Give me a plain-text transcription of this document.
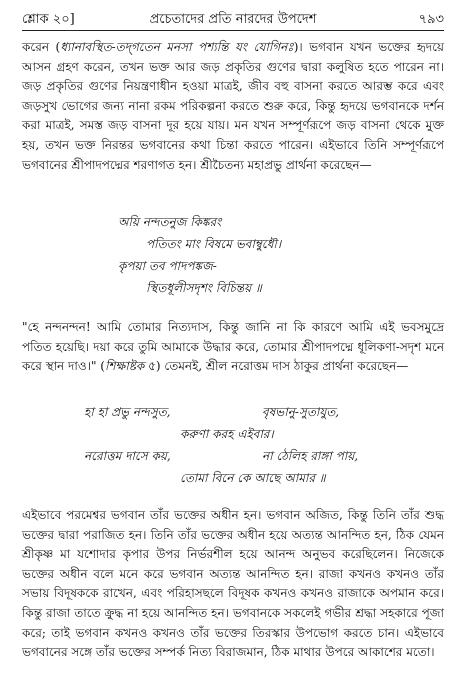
শ্লোক ২০]	প্রচেতাদের প্রতি নারদের উপদেশ	৭৯৩

করেন (ধ্যানাবস্থিত-তদ্‌গতেন মনসা পশ্যন্তি যং যোগিনঃ)। ভগবান যখন ভক্তের হৃদয়ে আসন গ্রহণ করেন, তখন ভক্ত আর জড় প্রকৃতির গুণের দ্বারা কলুষিত হতে পারেন না। জড় প্রকৃতির গুণের নিয়ন্ত্রণাধীন হওয়া মাত্রই, জীব বহু বাসনা করতে আরম্ভ করে এবং জড়সুখ ভোগের জন্য নানা রকম পরিকল্পনা করতে শুরু করে, কিন্তু হৃদয়ে ভগবানকে দর্শন করা মাত্রই, সমস্ত জড় বাসনা দূর হয়ে যায়। মন যখন সম্পূর্ণরূপে জড় বাসনা থেকে মুক্ত হয়, তখন ভক্ত নিরন্তর ভগবানের কথা চিন্তা করতে পারেন। এইভাবে তিনি সম্পূর্ণরূপে ভগবানের শ্রীপাদপদ্মের শরণাগত হন। শ্রীচৈতন্য মহাপ্রভু প্রার্থনা করেছেন—

অয়ি নন্দতনুজ কিঙ্করং
পতিতং মাং বিষমে ভবাম্বুধৌ।
কৃপয়া তব পাদপঙ্কজ-
স্থিতধূলীসদৃশং বিচিন্তয় ॥

"হে নন্দনন্দন! আমি তোমার নিত্যদাস, কিন্তু জানি না কি কারণে আমি এই ভবসমুদ্রে পতিত হয়েছি। দয়া করে তুমি আমাকে উদ্ধার করে, তোমার শ্রীপাদপদ্মে ধূলিকণা-সদৃশ মনে করে স্থান দাও।" (শিক্ষাষ্টক ৫) তেমনই, শ্রীল নরোত্তম দাস ঠাকুর প্রার্থনা করেছেন—

হা হা প্রভু নন্দসুত,	বৃষভানু-সুতাযুত,
করুণা করহ এইবার।
নরোত্তম দাসে কয়,	না ঠেলিহ রাঙ্গা পায়,
তোমা বিনে কে আছে আমার ॥

এইভাবে পরমেশ্বর ভগবান তাঁর ভক্তের অধীন হন। ভগবান অজিত, কিন্তু তিনি তাঁর শুদ্ধ ভক্তের দ্বারা পরাজিত হন। তিনি তাঁর ভক্তের অধীন হয়ে অত্যন্ত আনন্দিত হন, ঠিক যেমন শ্রীকৃষ্ণ মা যশোদার কৃপার উপর নির্ভরশীল হয়ে আনন্দ অনুভব করেছিলেন। নিজেকে ভক্তের অধীন বলে মনে করে ভগবান অত্যন্ত আনন্দিত হন। রাজা কখনও কখনও তাঁর সভায় বিদূষককে রাখেন, এবং পরিহাসছলে বিদূষক কখনও কখনও রাজাকে অপমান করে। কিন্তু রাজা তাতে ক্রুদ্ধ না হয়ে আনন্দিত হন। ভগবানকে সকলেই গভীর শ্রদ্ধা সহকারে পূজা করে; তাই ভগবান কখনও কখনও তাঁর ভক্তের তিরস্কার উপভোগ করতে চান। এইভাবে ভগবানের সঙ্গে তাঁর ভক্তের সম্পর্ক নিত্য বিরাজমান, ঠিক মাথার উপরে আকাশের মতো।
